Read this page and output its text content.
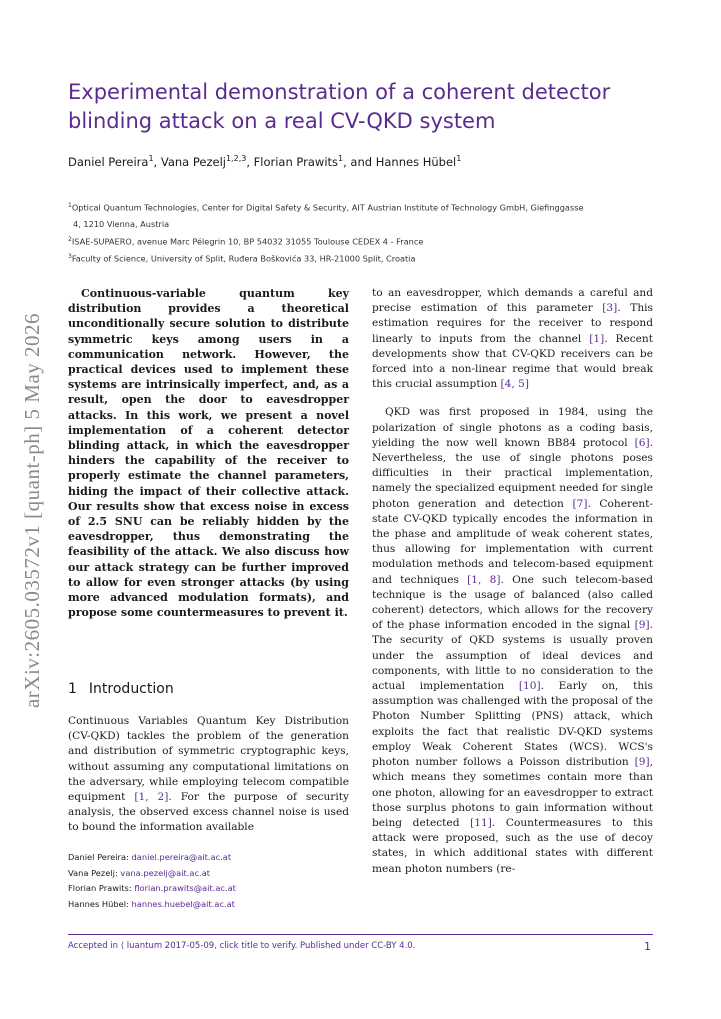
arXiv:2605.03572v1 [quant-ph] 5 May 2026
Experimental demonstration of a coherent detector blinding attack on a real CV-QKD system
Daniel Pereira$^1$, Vana Pezelj$^{1,2,3}$, Florian Prawits$^1$, and Hannes Hübel$^1$
$^1$Optical Quantum Technologies, Center for Digital Safety & Security, AIT Austrian Institute of Technology GmbH, Giefinggasse
4, 1210 Vienna, Austria
$^2$ISAE-SUPAERO, avenue Marc Pélegrin 10, BP 54032 31055 Toulouse CEDEX 4 - France
$^3$Faculty of Science, University of Split, Ruđera Boškovića 33, HR-21000 Split, Croatia

Continuous-variable quantum key distribution provides a theoretical unconditionally secure solution to distribute symmetric keys among users in a communication network. However, the practical devices used to implement these systems are intrinsically imperfect, and, as a result, open the door to eavesdropper attacks. In this work, we present a novel implementation of a coherent detector blinding attack, in which the eavesdropper hinders the capability of the receiver to properly estimate the channel parameters, hiding the impact of their collective attack. Our results show that excess noise in excess of 2.5 SNU can be reliably hidden by the eavesdropper, thus demonstrating the feasibility of the attack. We also discuss how our attack strategy can be further improved to allow for even stronger attacks (by using more advanced modulation formats), and propose some countermeasures to prevent it.

1 Introduction

Continuous Variables Quantum Key Distribution (CV-QKD) tackles the problem of the generation and distribution of symmetric cryptographic keys, without assuming any computational limitations on the adversary, while employing telecom compatible equipment [1, 2]. For the purpose of security analysis, the observed excess channel noise is used to bound the information available

Daniel Pereira: daniel.pereira@ait.ac.at
Vana Pezelj: vana.pezelj@ait.ac.at
Florian Prawits: florian.prawits@ait.ac.at
Hannes Hübel: hannes.huebel@ait.ac.at

to an eavesdropper, which demands a careful and precise estimation of this parameter [3]. This estimation requires for the receiver to respond linearly to inputs from the channel [1]. Recent developments show that CV-QKD receivers can be forced into a non-linear regime that would break this crucial assumption [4, 5]

QKD was first proposed in 1984, using the polarization of single photons as a coding basis, yielding the now well known BB84 protocol [6]. Nevertheless, the use of single photons poses difficulties in their practical implementation, namely the specialized equipment needed for single photon generation and detection [7]. Coherent-state CV-QKD typically encodes the information in the phase and amplitude of weak coherent states, thus allowing for implementation with current modulation methods and telecom-based equipment and techniques [1, 8]. One such telecom-based technique is the usage of balanced (also called coherent) detectors, which allows for the recovery of the phase information encoded in the signal [9]. The security of QKD systems is usually proven under the assumption of ideal devices and components, with little to no consideration to the actual implementation [10]. Early on, this assumption was challenged with the proposal of the Photon Number Splitting (PNS) attack, which exploits the fact that realistic DV-QKD systems employ Weak Coherent States (WCS). WCS's photon number follows a Poisson distribution [9], which means they sometimes contain more than one photon, allowing for an eavesdropper to extract those surplus photons to gain information without being detected [11]. Countermeasures to this attack were proposed, such as the use of decoy states, in which additional states with different mean photon numbers (re-

Accepted in ⟨ luantum 2017-05-09, click title to verify. Published under CC-BY 4.0.	1
